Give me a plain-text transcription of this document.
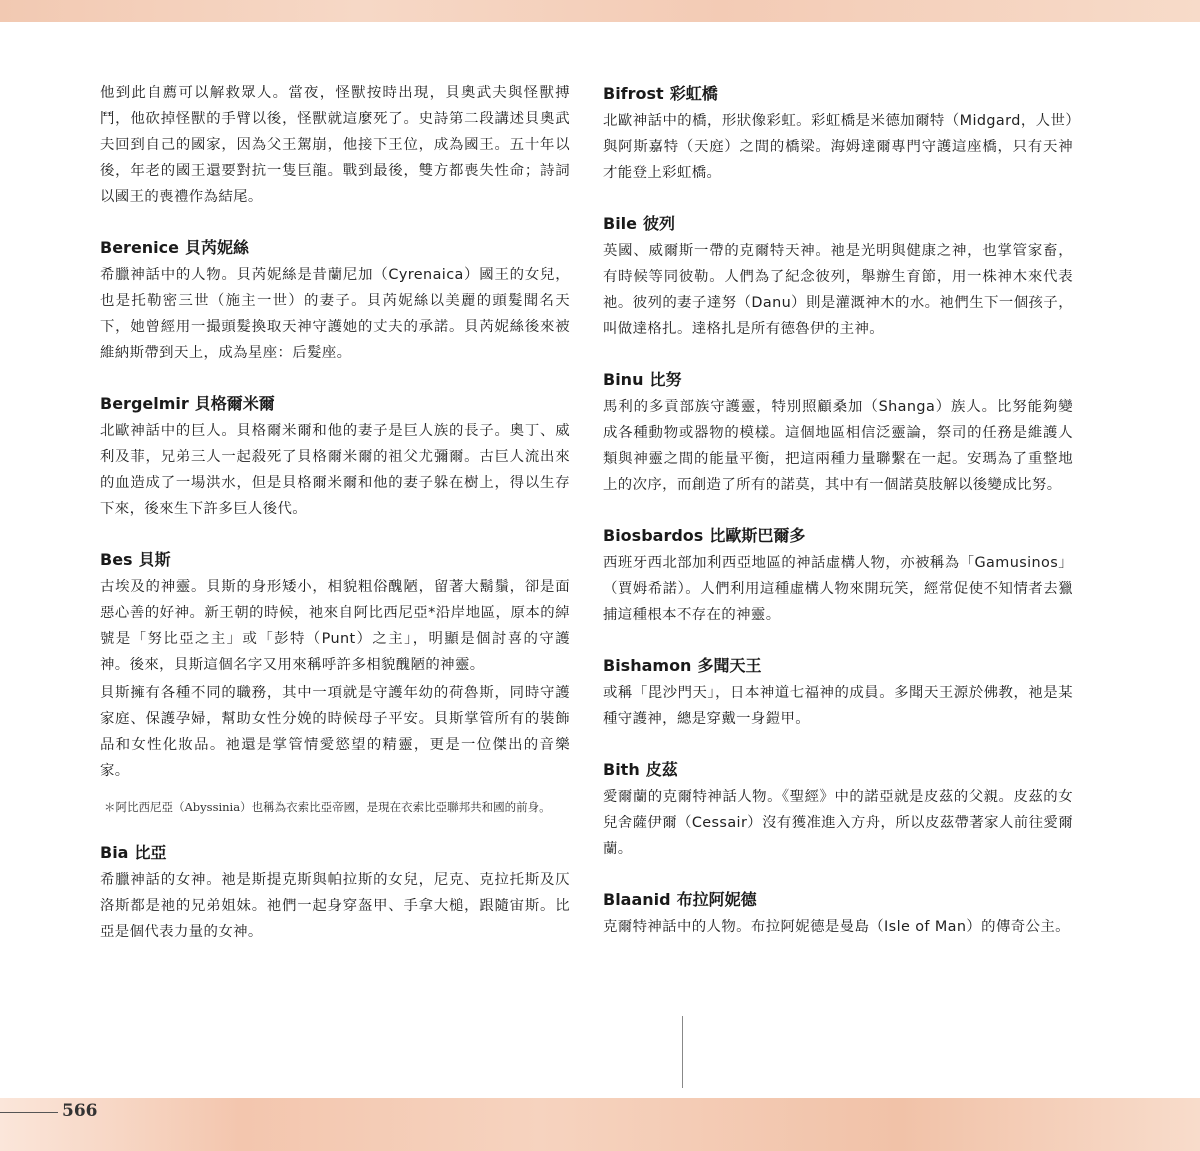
他到此自薦可以解救眾人。當夜，怪獸按時出現，貝奧武夫與怪獸搏鬥，他砍掉怪獸的手臂以後，怪獸就這麼死了。史詩第二段講述貝奧武夫回到自己的國家，因為父王駕崩，他接下王位，成為國王。五十年以後，年老的國王還要對抗一隻巨龍。戰到最後，雙方都喪失性命；詩詞以國王的喪禮作為結尾。

Berenice 貝芮妮絲

希臘神話中的人物。貝芮妮絲是昔蘭尼加（Cyrenaica）國王的女兒，也是托勒密三世（施主一世）的妻子。貝芮妮絲以美麗的頭髮聞名天下，她曾經用一撮頭髮換取天神守護她的丈夫的承諾。貝芮妮絲後來被維納斯帶到天上，成為星座：后髮座。

Bergelmir 貝格爾米爾

北歐神話中的巨人。貝格爾米爾和他的妻子是巨人族的長子。奧丁、威利及菲，兄弟三人一起殺死了貝格爾米爾的祖父尤彌爾。古巨人流出來的血造成了一場洪水，但是貝格爾米爾和他的妻子躲在樹上，得以生存下來，後來生下許多巨人後代。

Bes 貝斯

古埃及的神靈。貝斯的身形矮小，相貌粗俗醜陋，留著大鬍鬚，卻是面惡心善的好神。新王朝的時候，祂來自阿比西尼亞*沿岸地區，原本的綽號是「努比亞之主」或「彭特（Punt）之主」，明顯是個討喜的守護神。後來，貝斯這個名字又用來稱呼許多相貌醜陋的神靈。

貝斯擁有各種不同的職務，其中一項就是守護年幼的荷魯斯，同時守護家庭、保護孕婦，幫助女性分娩的時候母子平安。貝斯掌管所有的裝飾品和女性化妝品。祂還是掌管情愛慾望的精靈，更是一位傑出的音樂家。

＊阿比西尼亞（Abyssinia）也稱為衣索比亞帝國，是現在衣索比亞聯邦共和國的前身。

Bia 比亞

希臘神話的女神。祂是斯提克斯與帕拉斯的女兒，尼克、克拉托斯及仄洛斯都是祂的兄弟姐妹。祂們一起身穿盔甲、手拿大槌，跟隨宙斯。比亞是個代表力量的女神。

Bifrost 彩虹橋

北歐神話中的橋，形狀像彩虹。彩虹橋是米德加爾特（Midgard，人世）與阿斯嘉特（天庭）之間的橋梁。海姆達爾專門守護這座橋，只有天神才能登上彩虹橋。

Bile 彼列

英國、威爾斯一帶的克爾特天神。祂是光明與健康之神，也掌管家畜，有時候等同彼勒。人們為了紀念彼列，舉辦生育節，用一株神木來代表祂。彼列的妻子達努（Danu）則是灌溉神木的水。祂們生下一個孩子，叫做達格扎。達格扎是所有德魯伊的主神。

Binu 比努

馬利的多貢部族守護靈，特別照顧桑加（Shanga）族人。比努能夠變成各種動物或器物的模樣。這個地區相信泛靈論，祭司的任務是維護人類與神靈之間的能量平衡，把這兩種力量聯繫在一起。安瑪為了重整地上的次序，而創造了所有的諾莫，其中有一個諾莫肢解以後變成比努。

Biosbardos 比歐斯巴爾多

西班牙西北部加利西亞地區的神話虛構人物，亦被稱為「Gamusinos」（賈姆希諾）。人們利用這種虛構人物來開玩笑，經常促使不知情者去獵捕這種根本不存在的神靈。

Bishamon 多聞天王

或稱「毘沙門天」，日本神道七福神的成員。多聞天王源於佛教，祂是某種守護神，總是穿戴一身鎧甲。

Bith 皮茲

愛爾蘭的克爾特神話人物。《聖經》中的諾亞就是皮茲的父親。皮茲的女兒舍薩伊爾（Cessair）沒有獲准進入方舟，所以皮茲帶著家人前往愛爾蘭。

Blaanid 布拉阿妮德

克爾特神話中的人物。布拉阿妮德是曼島（Isle of Man）的傳奇公主。

566
